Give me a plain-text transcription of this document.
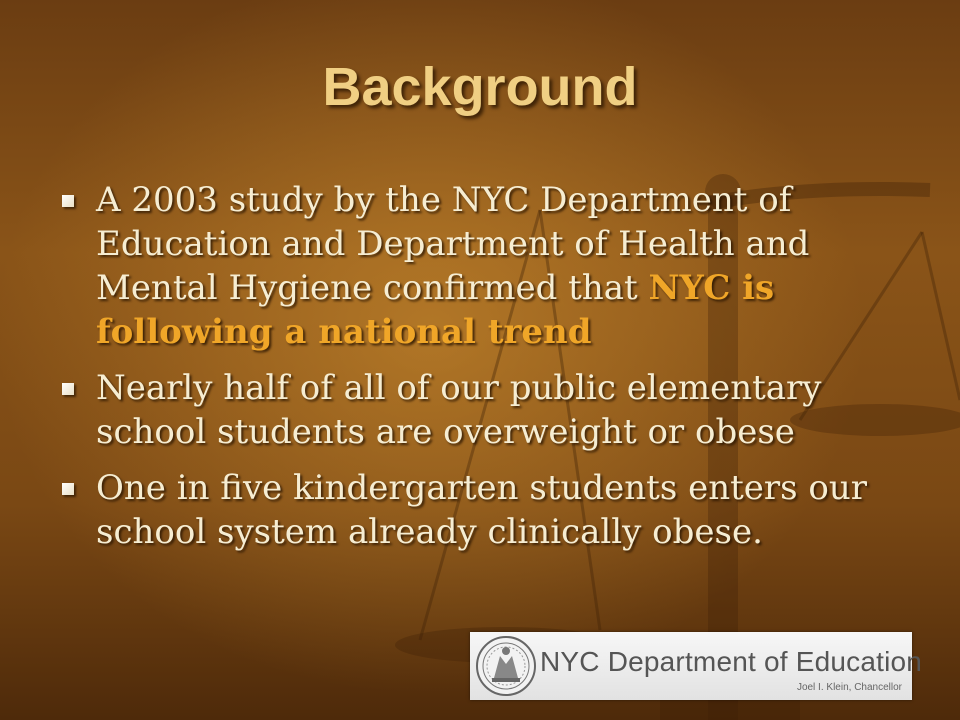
Background
A 2003 study by the NYC Department of Education and Department of Health and Mental Hygiene confirmed that NYC is following a national trend
Nearly half of all of our public elementary school students are overweight or obese
One in five kindergarten students enters our school system already clinically obese.
NYC Department of Education
Joel I. Klein, Chancellor
